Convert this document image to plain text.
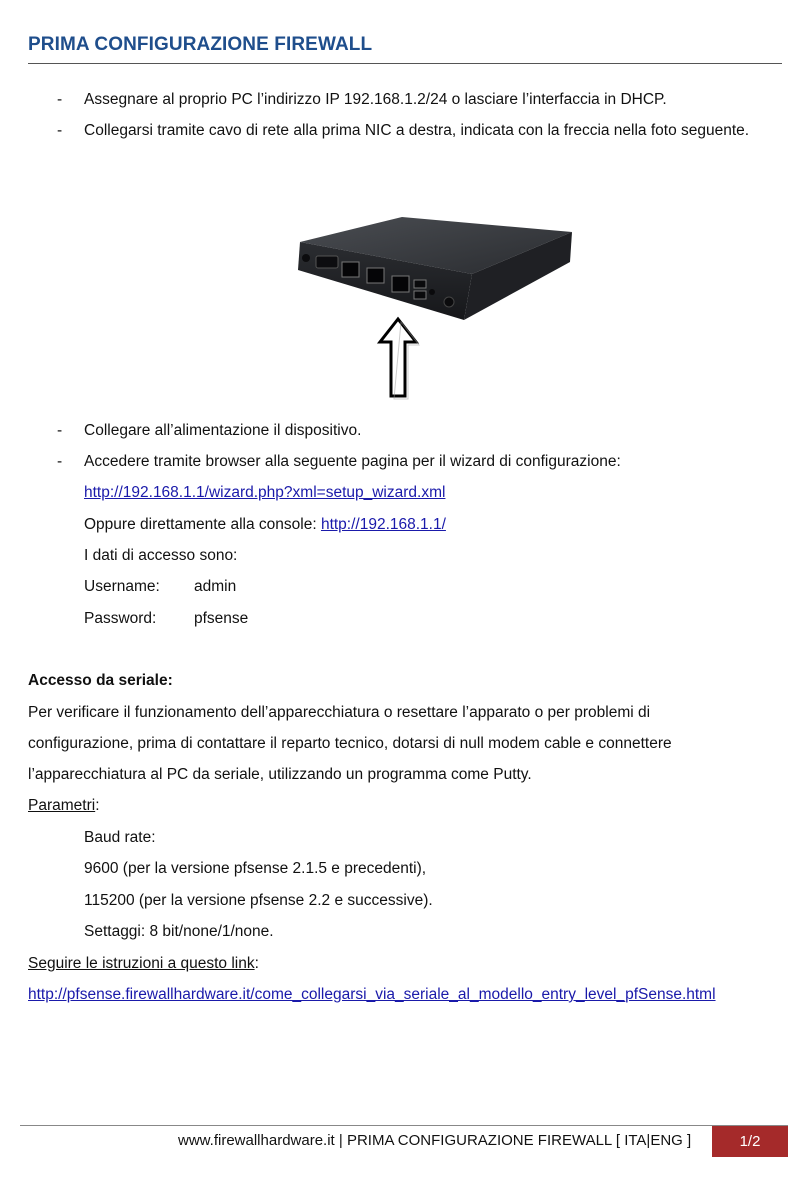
PRIMA CONFIGURAZIONE FIREWALL
- Assegnare al proprio PC l’indirizzo IP 192.168.1.2/24 o lasciare l’interfaccia in DHCP.
- Collegarsi tramite cavo di rete alla prima NIC a destra, indicata con la freccia nella foto seguente.
- Collegare all’alimentazione il dispositivo.
- Accedere tramite browser alla seguente pagina per il wizard di configurazione:
http://192.168.1.1/wizard.php?xml=setup_wizard.xml
Oppure direttamente alla console: http://192.168.1.1/
I dati di accesso sono:
Username: admin
Password: pfsense
Accesso da seriale:
Per verificare il funzionamento dell’apparecchiatura o resettare l’apparato o per problemi di
configurazione, prima di contattare il reparto tecnico, dotarsi di null modem cable e connettere
l’apparecchiatura al PC da seriale, utilizzando un programma come Putty.
Parametri:
Baud rate:
9600 (per la versione pfsense 2.1.5 e precedenti),
115200 (per la versione pfsense 2.2 e successive).
Settaggi: 8 bit/none/1/none.
Seguire le istruzioni a questo link:
http://pfsense.firewallhardware.it/come_collegarsi_via_seriale_al_modello_entry_level_pfSense.html
www.firewallhardware.it | PRIMA CONFIGURAZIONE FIREWALL [ ITA|ENG ]	1/2
